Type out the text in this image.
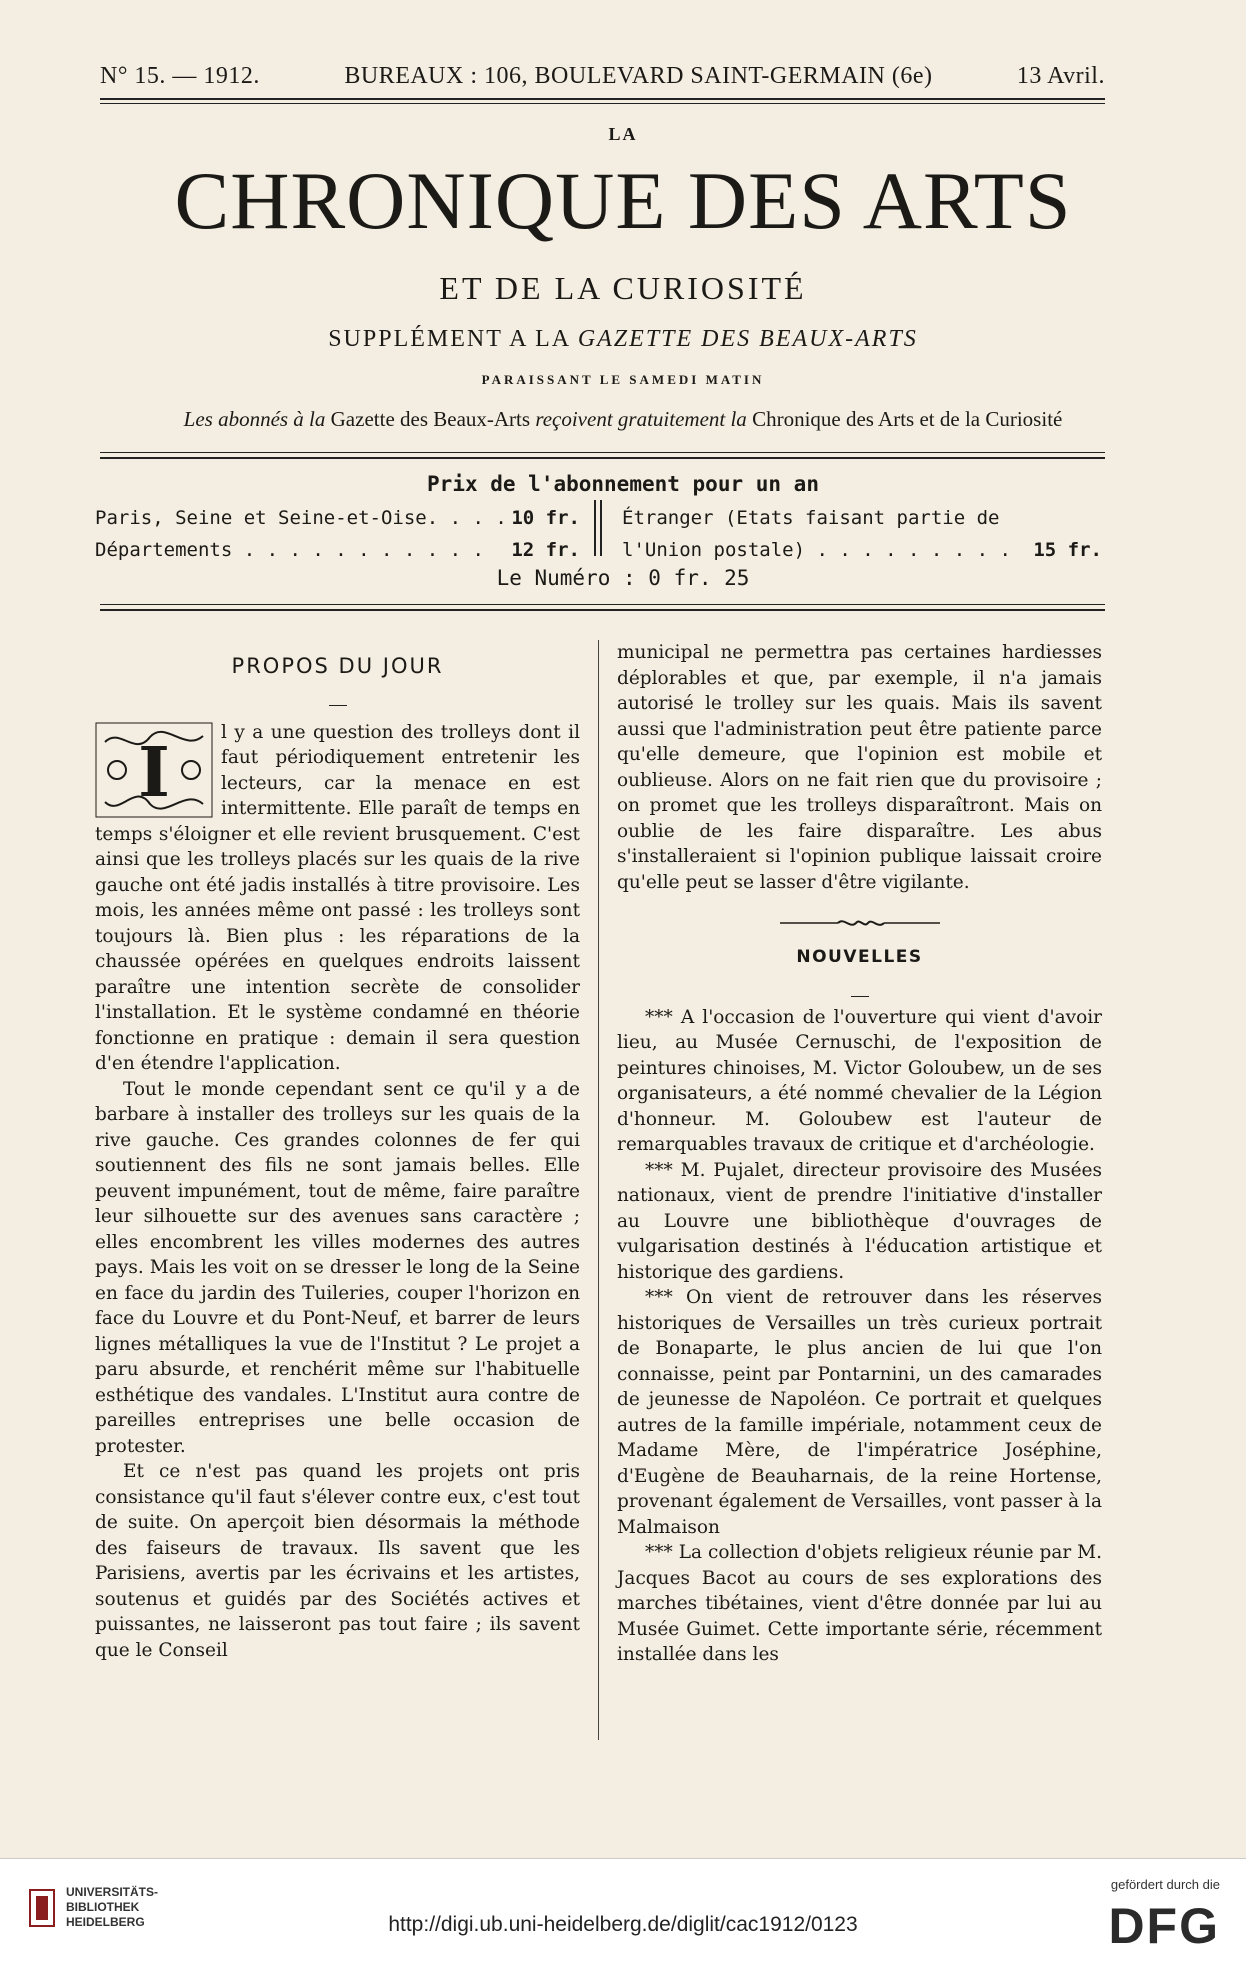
N° 15. — 1912.	BUREAUX : 106, BOULEVARD SAINT-GERMAIN (6e)	13 Avril.
LA
CHRONIQUE DES ARTS
ET DE LA CURIOSITÉ
SUPPLÉMENT A LA GAZETTE DES BEAUX-ARTS
PARAISSANT LE SAMEDI MATIN
Les abonnés à la Gazette des Beaux-Arts reçoivent gratuitement la Chronique des Arts et de la Curiosité
Prix de l'abonnement pour un an
Paris, Seine et Seine-et-Oise. . . . 10 fr.
Départements . . . . . . . . . . . 12 fr.
Étranger (Etats faisant partie de
l'Union postale) . . . . . . . . . 15 fr.
Le Numéro : 0 fr. 25
PROPOS DU JOUR
I

l y a une question des trolleys dont il faut périodiquement entretenir les lecteurs, car la menace en est intermittente. Elle paraît de temps en temps s'éloigner et elle revient brusquement. C'est ainsi que les trolleys placés sur les quais de la rive gauche ont été jadis installés à titre provisoire. Les mois, les années même ont passé : les trolleys sont toujours là. Bien plus : les réparations de la chaussée opérées en quelques endroits laissent paraître une intention secrète de consolider l'installation. Et le système condamné en théorie fonctionne en pratique : demain il sera question d'en étendre l'application.

Tout le monde cependant sent ce qu'il y a de barbare à installer des trolleys sur les quais de la rive gauche. Ces grandes colonnes de fer qui soutiennent des fils ne sont jamais belles. Elle peuvent impunément, tout de même, faire paraître leur silhouette sur des avenues sans caractère ; elles encombrent les villes modernes des autres pays. Mais les voit on se dresser le long de la Seine en face du jardin des Tuileries, couper l'horizon en face du Louvre et du Pont-Neuf, et barrer de leurs lignes métalliques la vue de l'Institut ? Le projet a paru absurde, et renchérit même sur l'habituelle esthétique des vandales. L'Institut aura contre de pareilles entreprises une belle occasion de protester.

Et ce n'est pas quand les projets ont pris consistance qu'il faut s'élever contre eux, c'est tout de suite. On aperçoit bien désormais la méthode des faiseurs de travaux. Ils savent que les Parisiens, avertis par les écrivains et les artistes, soutenus et guidés par des Sociétés actives et puissantes, ne laisseront pas tout faire ; ils savent que le Conseil

municipal ne permettra pas certaines hardiesses déplorables et que, par exemple, il n'a jamais autorisé le trolley sur les quais. Mais ils savent aussi que l'administration peut être patiente parce qu'elle demeure, que l'opinion est mobile et oublieuse. Alors on ne fait rien que du provisoire ; on promet que les trolleys disparaîtront. Mais on oublie de les faire disparaître. Les abus s'installeraient si l'opinion publique laissait croire qu'elle peut se lasser d'être vigilante.

NOUVELLES

*** A l'occasion de l'ouverture qui vient d'avoir lieu, au Musée Cernuschi, de l'exposition de peintures chinoises, M. Victor Goloubew, un de ses organisateurs, a été nommé chevalier de la Légion d'honneur. M. Goloubew est l'auteur de remarquables travaux de critique et d'archéologie.

*** M. Pujalet, directeur provisoire des Musées nationaux, vient de prendre l'initiative d'installer au Louvre une bibliothèque d'ouvrages de vulgarisation destinés à l'éducation artistique et historique des gardiens.

*** On vient de retrouver dans les réserves historiques de Versailles un très curieux portrait de Bonaparte, le plus ancien de lui que l'on connaisse, peint par Pontarnini, un des camarades de jeunesse de Napoléon. Ce portrait et quelques autres de la famille impériale, notamment ceux de Madame Mère, de l'impératrice Joséphine, d'Eugène de Beauharnais, de la reine Hortense, provenant également de Versailles, vont passer à la Malmaison

*** La collection d'objets religieux réunie par M. Jacques Bacot au cours de ses explorations des marches tibétaines, vient d'être donnée par lui au Musée Guimet. Cette importante série, récemment installée dans les

UNIVERSITÄTS-
BIBLIOTHEK
HEIDELBERG	http://digi.ub.uni-heidelberg.de/diglit/cac1912/0123
gefördert durch die
DFG
